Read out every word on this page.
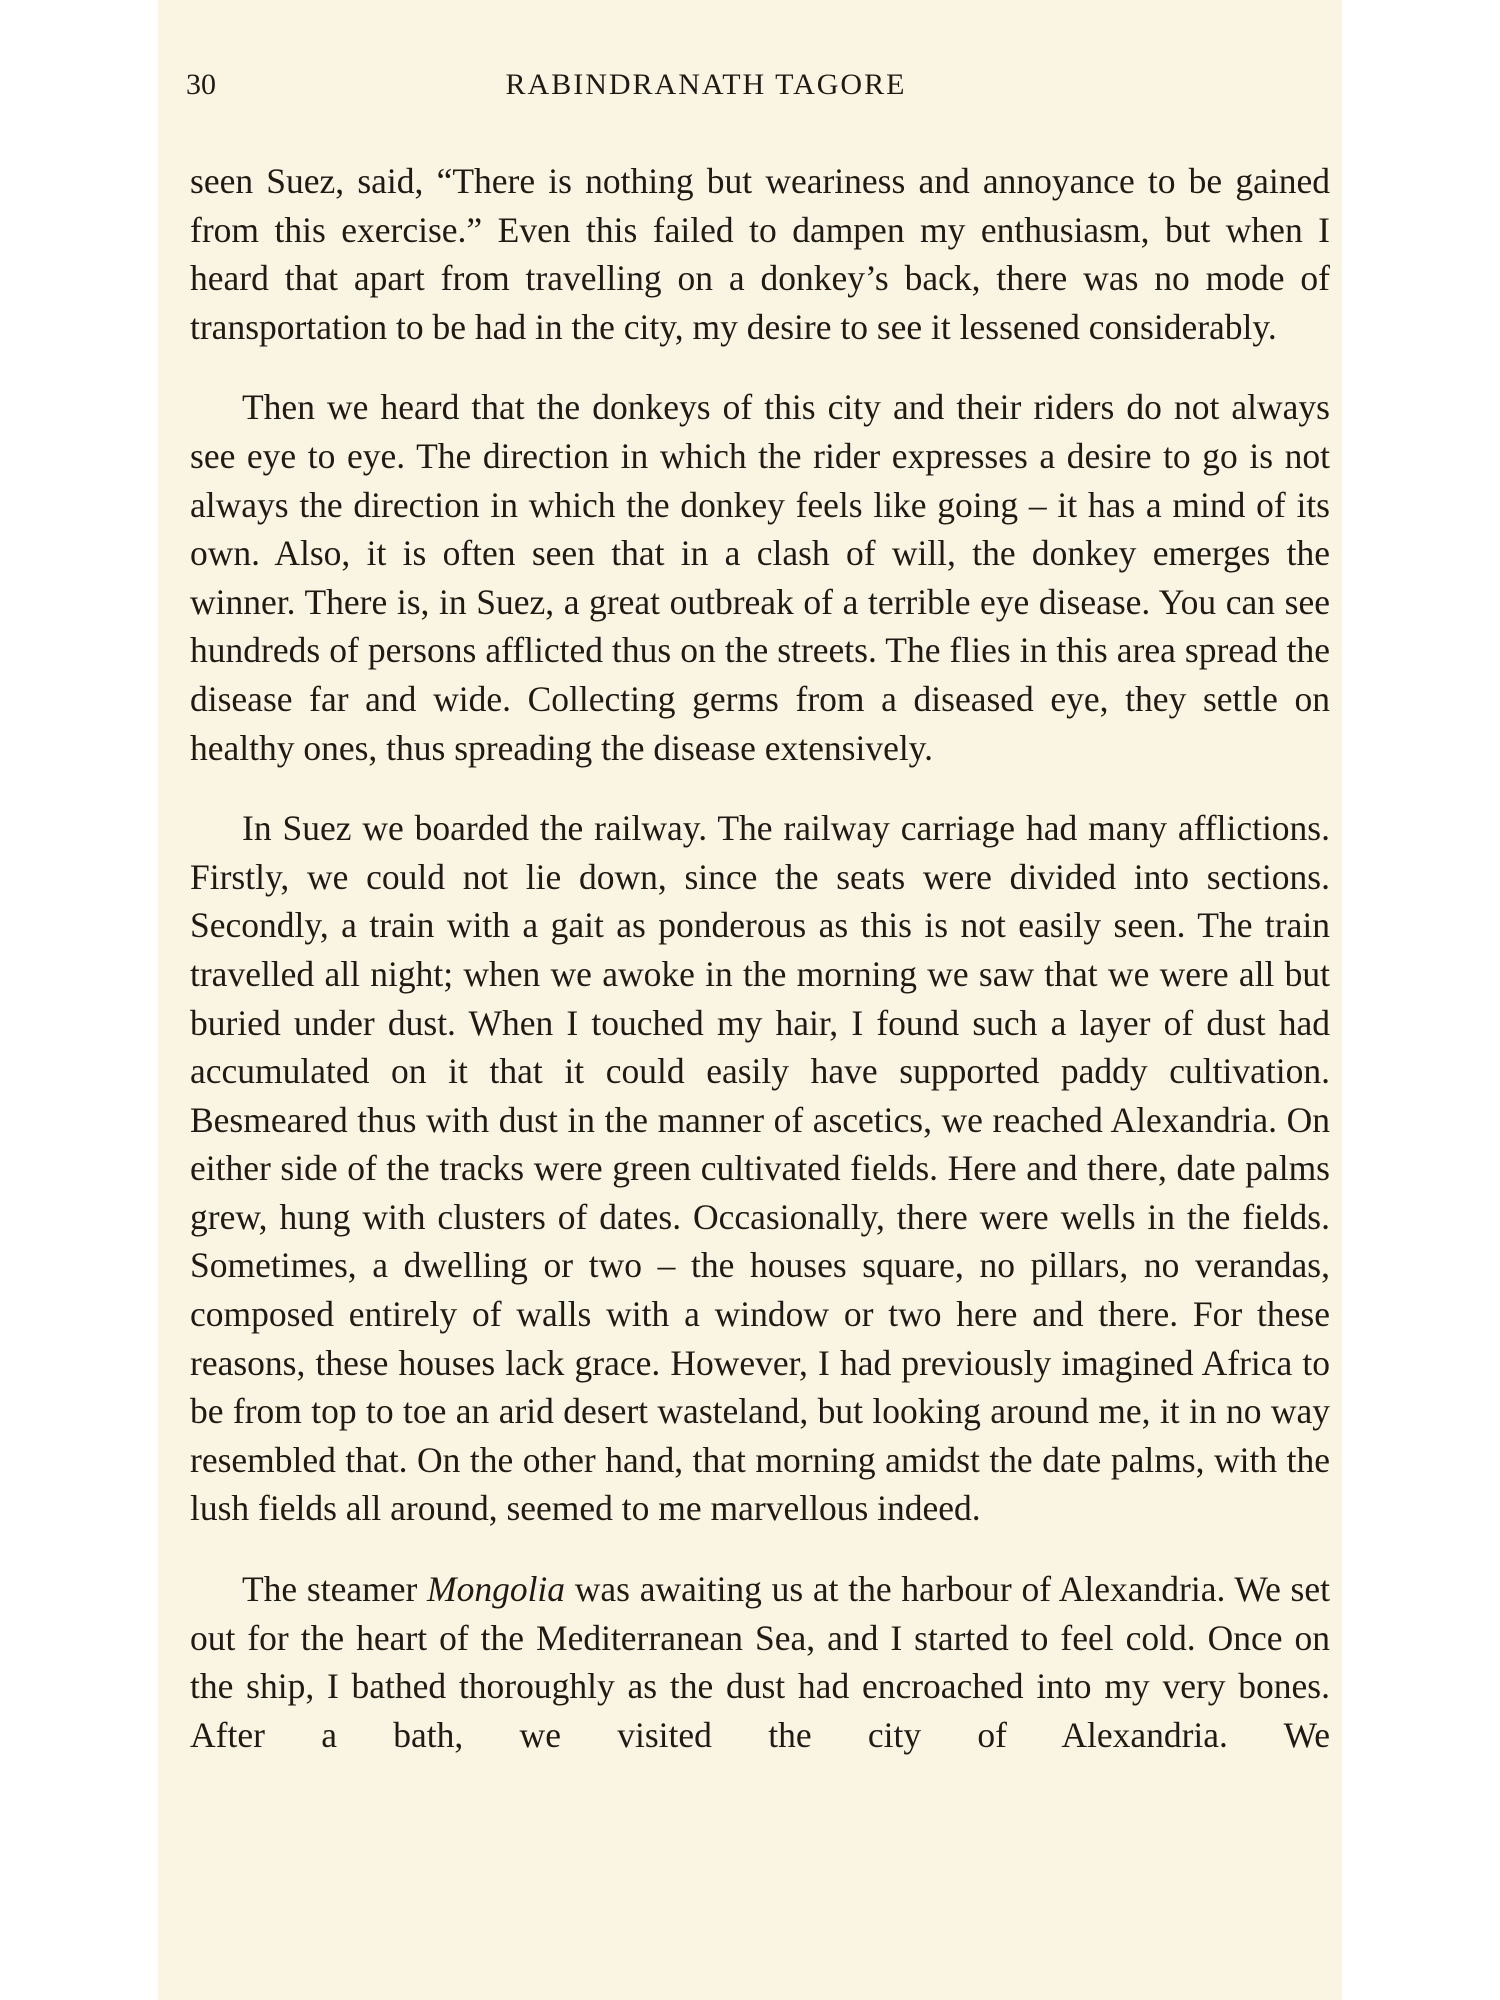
30	RABINDRANATH TAGORE

seen Suez, said, “There is nothing but weariness and annoyance to be gained from this exercise.” Even this failed to dampen my enthusiasm, but when I heard that apart from travelling on a donkey’s back, there was no mode of transportation to be had in the city, my desire to see it lessened considerably.

Then we heard that the donkeys of this city and their riders do not always see eye to eye. The direction in which the rider expresses a desire to go is not always the direction in which the donkey feels like going – it has a mind of its own. Also, it is often seen that in a clash of will, the donkey emerges the winner. There is, in Suez, a great outbreak of a terrible eye disease. You can see hundreds of persons afflicted thus on the streets. The flies in this area spread the disease far and wide. Collecting germs from a diseased eye, they settle on healthy ones, thus spreading the disease extensively.

In Suez we boarded the railway. The railway carriage had many afflictions. Firstly, we could not lie down, since the seats were divided into sections. Secondly, a train with a gait as ponderous as this is not easily seen. The train travelled all night; when we awoke in the morning we saw that we were all but buried under dust. When I touched my hair, I found such a layer of dust had accumulated on it that it could easily have supported paddy cultivation. Besmeared thus with dust in the manner of ascetics, we reached Alexandria. On either side of the tracks were green cultivated fields. Here and there, date palms grew, hung with clusters of dates. Occasionally, there were wells in the fields. Sometimes, a dwelling or two – the houses square, no pillars, no verandas, composed entirely of walls with a window or two here and there. For these reasons, these houses lack grace. However, I had previously imagined Africa to be from top to toe an arid desert wasteland, but looking around me, it in no way resembled that. On the other hand, that morning amidst the date palms, with the lush fields all around, seemed to me marvellous indeed.

The steamer Mongolia was awaiting us at the harbour of Alexandria. We set out for the heart of the Mediterranean Sea, and I started to feel cold. Once on the ship, I bathed thoroughly as the dust had encroached into my very bones. After a bath, we visited the city of Alexandria. We
